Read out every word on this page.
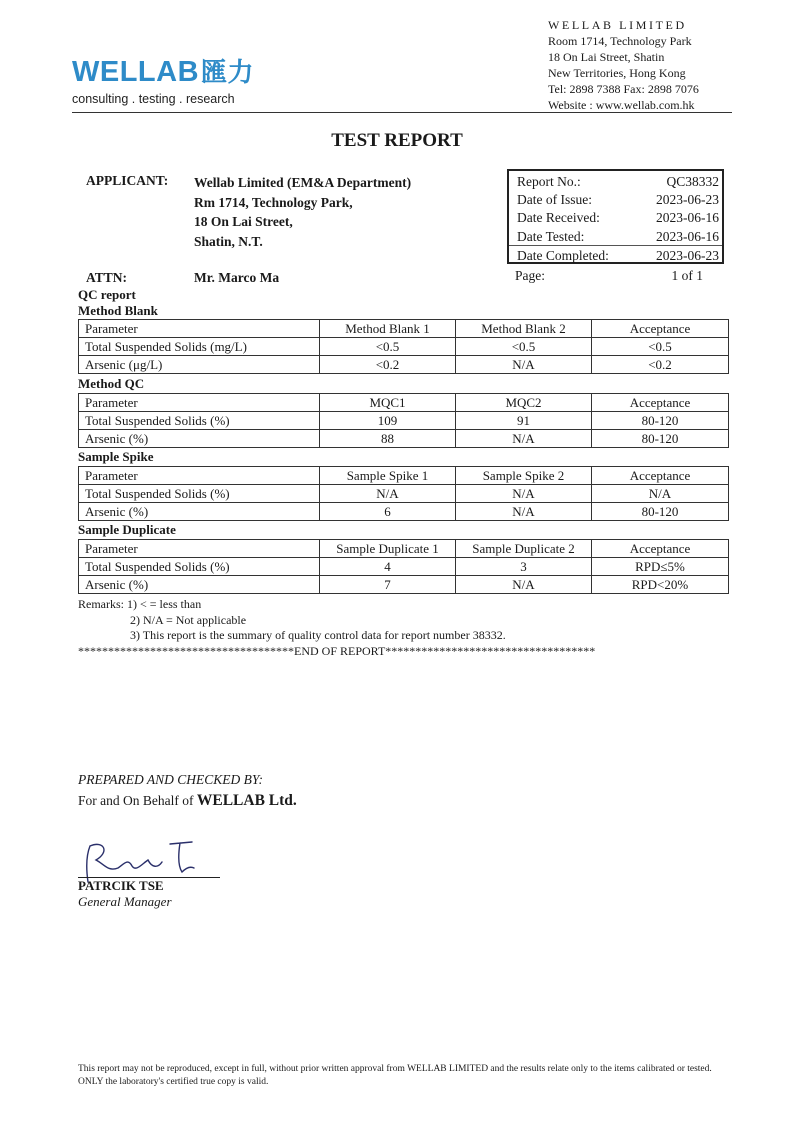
WELLAB匯力
consulting . testing . research
WELLAB LIMITED
Room 1714, Technology Park
18 On Lai Street, Shatin
New Territories, Hong Kong
Tel: 2898 7388 Fax: 2898 7076
Website : www.wellab.com.hk
TEST REPORT
APPLICANT: Wellab Limited (EM&A Department)
Rm 1714, Technology Park,
18 On Lai Street,
Shatin, N.T.
ATTN:	Mr. Marco Ma
Report No.:	QC38332
Date of Issue:	2023-06-23
Date Received:	2023-06-16
Date Tested:	2023-06-16
Date Completed:	2023-06-23
Page:	1 of 1
QC report
Method Blank
Parameter	Method Blank 1	Method Blank 2	Acceptance
Total Suspended Solids (mg/L)	<0.5	<0.5	<0.5
Arsenic (μg/L)	<0.2	N/A	<0.2
Method QC
Parameter	MQC1	MQC2	Acceptance
Total Suspended Solids (%)	109	91	80-120
Arsenic (%)	88	N/A	80-120
Sample Spike
Parameter	Sample Spike 1	Sample Spike 2	Acceptance
Total Suspended Solids (%)	N/A	N/A	N/A
Arsenic (%)	6	N/A	80-120
Sample Duplicate
Parameter	Sample Duplicate 1	Sample Duplicate 2	Acceptance
Total Suspended Solids (%)	4	3	RPD≤5%
Arsenic (%)	7	N/A	RPD<20%
Remarks: 1) < = less than
2) N/A = Not applicable
3) This report is the summary of quality control data for report number 38332.
************************************END OF REPORT***********************************
PREPARED AND CHECKED BY:
For and On Behalf of WELLAB Ltd.
PATRCIK TSE
General Manager
This report may not be reproduced, except in full, without prior written approval from WELLAB LIMITED and the results relate only to the items calibrated or tested. ONLY the laboratory's certified true copy is valid.
